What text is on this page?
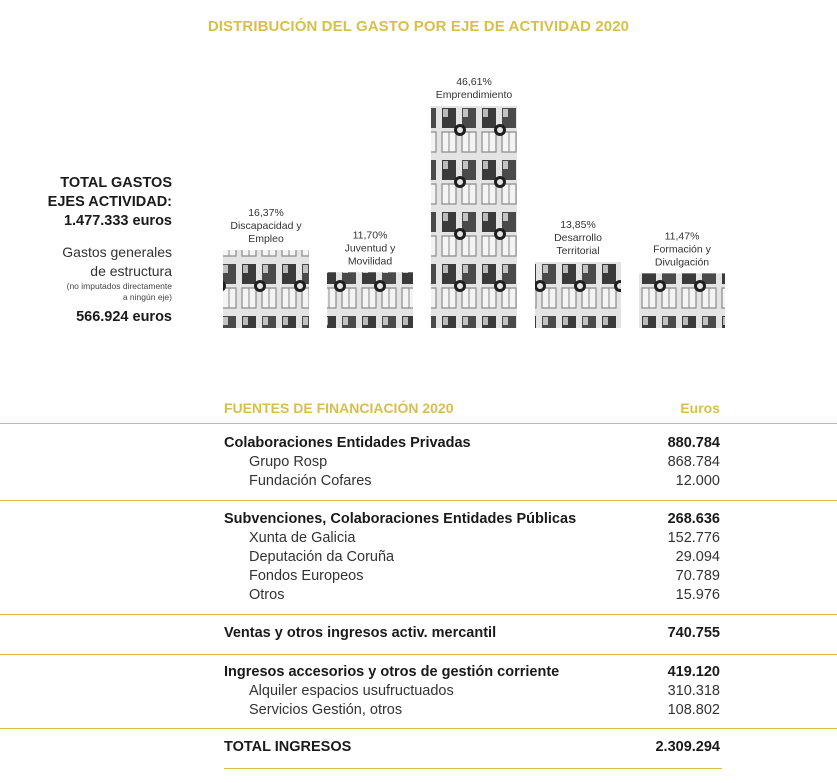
DISTRIBUCIÓN DEL GASTO POR EJE DE ACTIVIDAD 2020
TOTAL GASTOS
EJES ACTIVIDAD:
1.477.333 euros
Gastos generales
de estructura
(no imputados directamente
a ningún eje)
566.924 euros
16,37%
Discapacidad y
Empleo	11,70%
Juventud y
Movilidad
46,61%
Emprendimiento
13,85%
Desarrollo
Territorial
11,47%
Formación y
Divulgación
FUENTES DE FINANCIACIÓN 2020	Euros
Colaboraciones Entidades Privadas	880.784
Grupo Rosp	868.784
Fundación Cofares	12.000
Subvenciones, Colaboraciones Entidades Públicas	268.636
Xunta de Galicia	152.776
Deputación da Coruña	29.094
Fondos Europeos	70.789
Otros	15.976
Ventas y otros ingresos activ. mercantil	740.755
Ingresos accesorios y otros de gestión corriente	419.120
Alquiler espacios usufructuados	310.318
Servicios Gestión, otros	108.802
TOTAL INGRESOS	2.309.294
